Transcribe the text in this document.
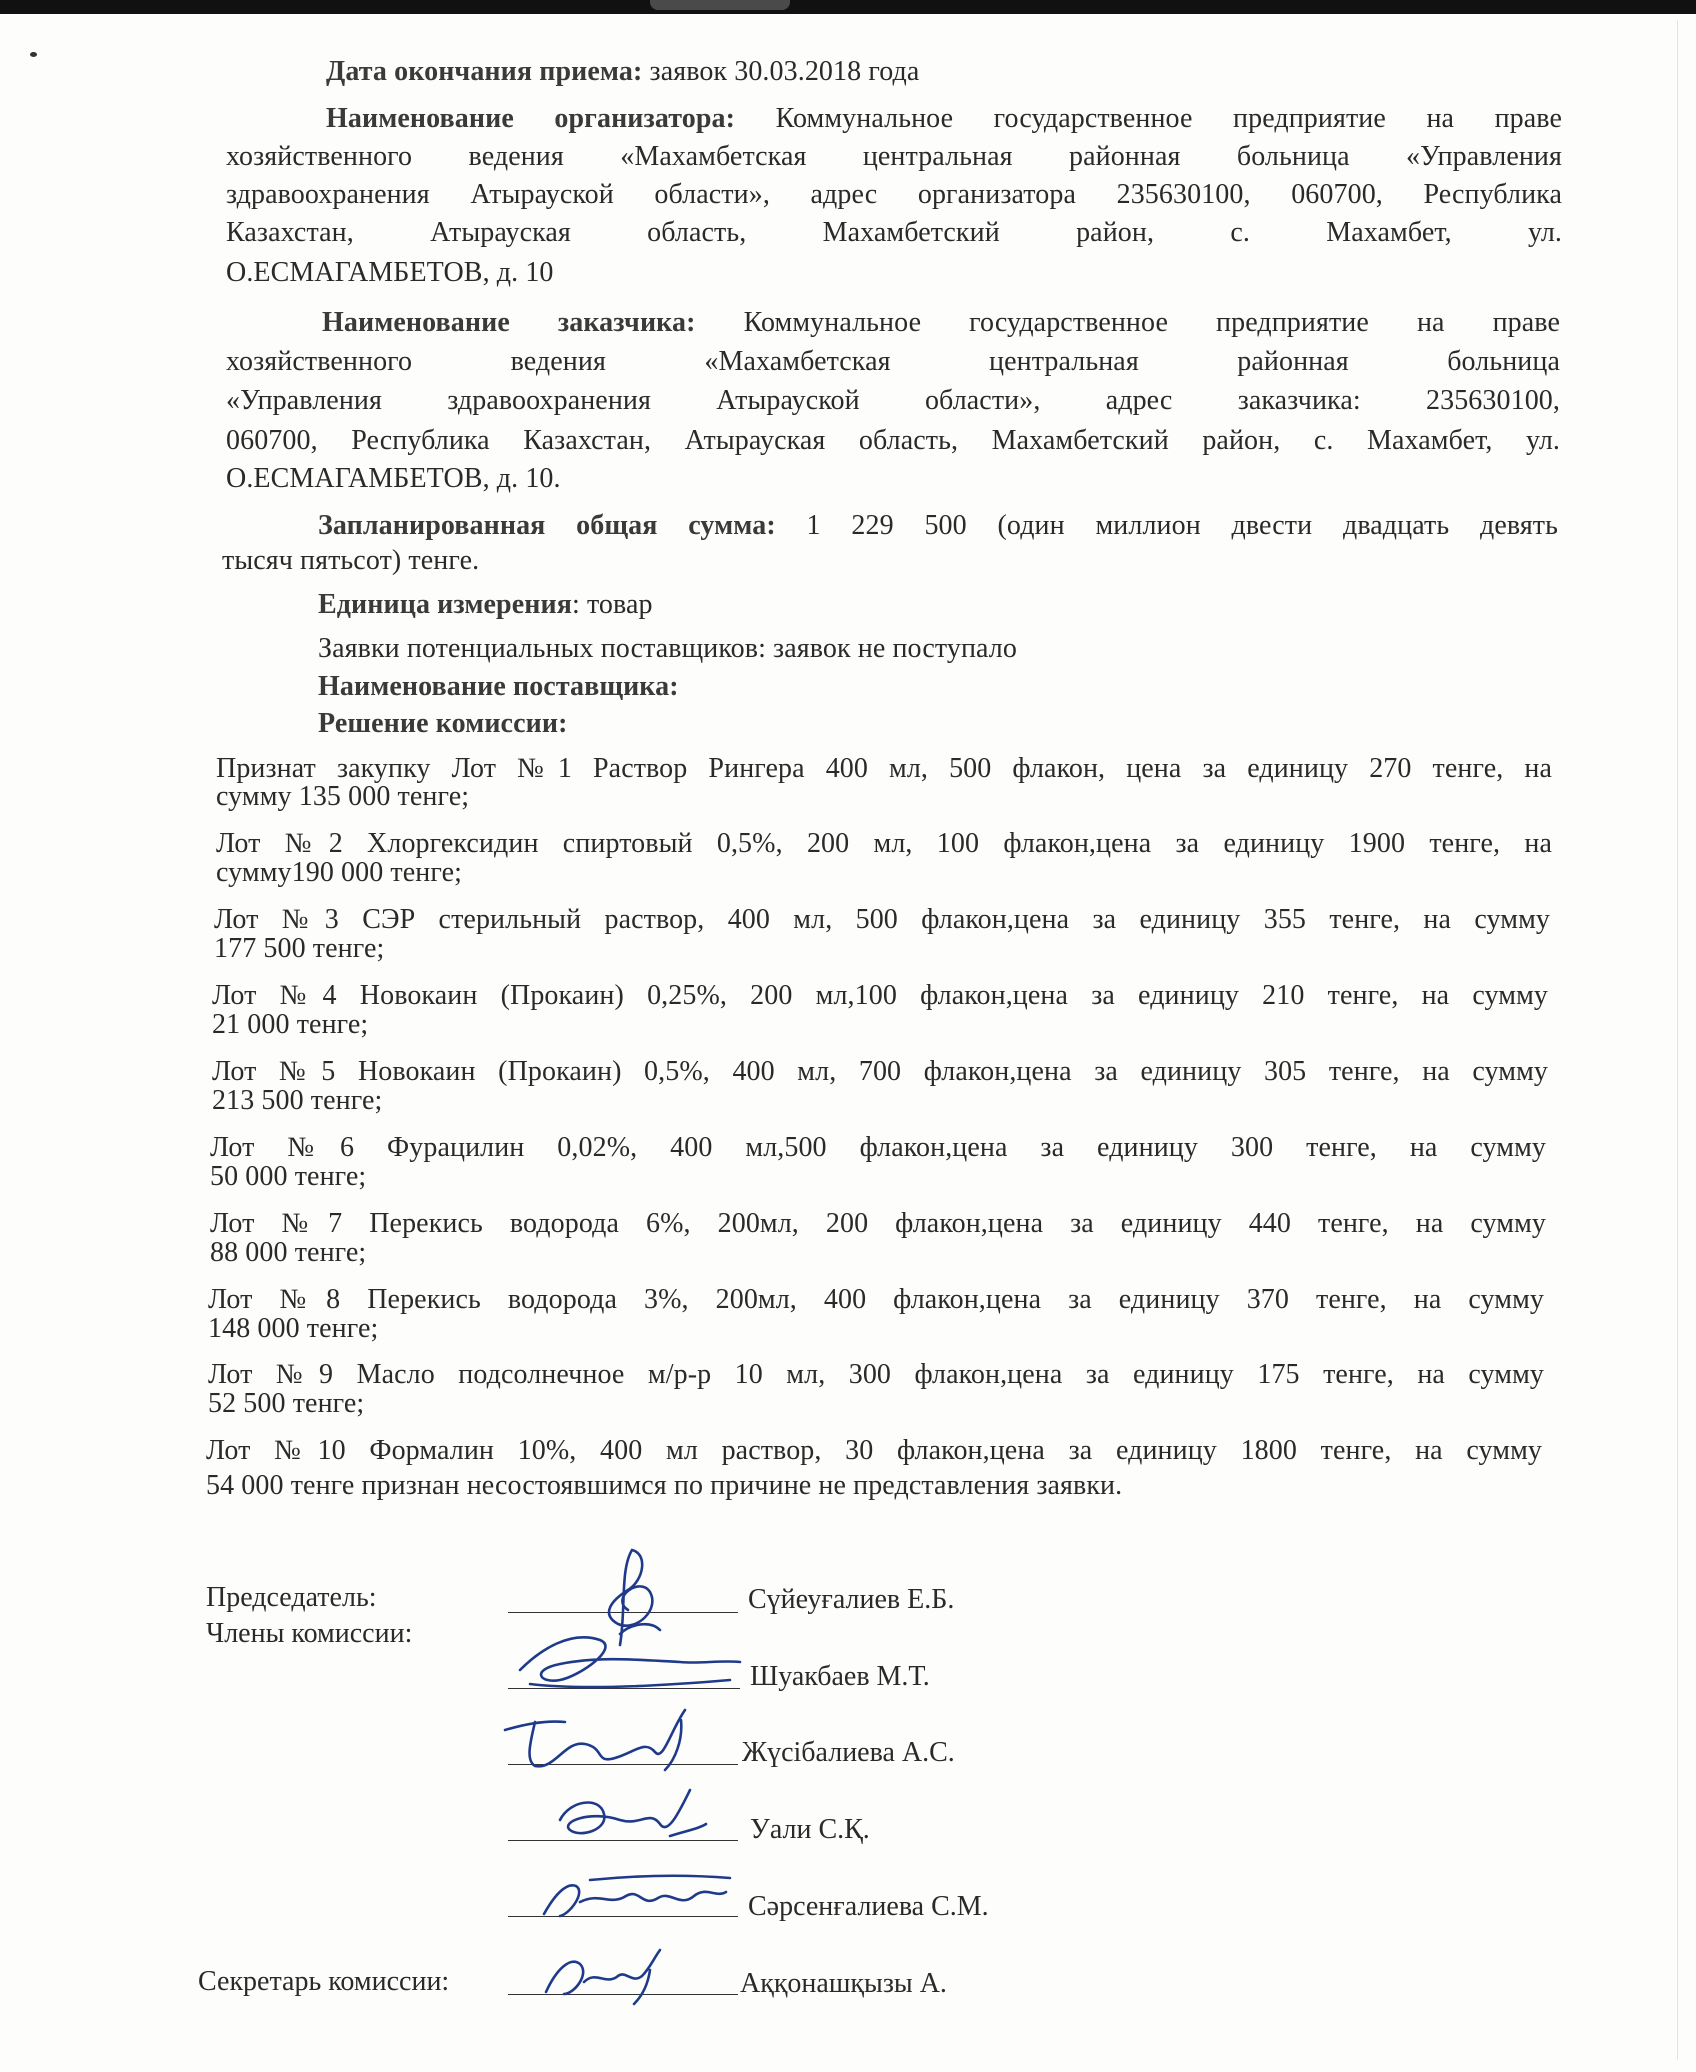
Дата окончания приема: заявок 30.03.2018 года
Наименование организатора: Коммунальное государственное предприятие на праве
хозяйственного ведения «Махамбетская центральная районная больница «Управления
здравоохранения Атырауской области», адрес организатора 235630100, 060700, Республика
Казахстан, Атырауская область, Махамбетский район, с. Махамбет, ул.
О.ЕСМАГАМБЕТОВ, д. 10
Наименование заказчика: Коммунальное государственное предприятие на праве
хозяйственного ведения «Махамбетская центральная районная больница
«Управления здравоохранения Атырауской области», адрес заказчика: 235630100,
060700, Республика Казахстан, Атырауская область, Махамбетский район, с. Махамбет, ул.
О.ЕСМАГАМБЕТОВ, д. 10.
Запланированная общая сумма: 1 229 500 (один миллион двести двадцать девять
тысяч пятьсот) тенге.
Единица измерения: товар
Заявки потенциальных поставщиков: заявок не поступало
Наименование поставщика:
Решение комиссии:
Признат закупку Лот №1 Раствор Рингера 400 мл, 500 флакон, цена за единицу 270 тенге, на
сумму 135 000 тенге;
Лот №2 Хлоргексидин спиртовый 0,5%, 200 мл, 100 флакон,цена за единицу 1900 тенге, на
сумму190 000 тенге;
Лот №3 СЭР стерильный раствор, 400 мл, 500 флакон,цена за единицу 355 тенге, на сумму
177 500 тенге;
Лот №4 Новокаин (Прокаин) 0,25%, 200 мл,100 флакон,цена за единицу 210 тенге, на сумму
21 000 тенге;
Лот №5 Новокаин (Прокаин) 0,5%, 400 мл, 700 флакон,цена за единицу 305 тенге, на сумму
213 500 тенге;
Лот №6 Фурацилин 0,02%, 400 мл,500 флакон,цена за единицу 300 тенге, на сумму
50 000 тенге;
Лот №7 Перекись водорода 6%, 200мл, 200 флакон,цена за единицу 440 тенге, на сумму
88 000 тенге;
Лот №8 Перекись водорода 3%, 200мл, 400 флакон,цена за единицу 370 тенге, на сумму
148 000 тенге;
Лот №9 Масло подсолнечное м/р-р 10 мл, 300 флакон,цена за единицу 175 тенге, на сумму
52 500 тенге;
Лот №10 Формалин 10%, 400 мл раствор, 30 флакон,цена за единицу 1800 тенге, на сумму
54 000 тенге признан несостоявшимся по причине не представления заявки.
Председатель:
Члены комиссии:
Секретарь комиссии:
Сүйеуғалиев Е.Б.
Шуакбаев М.Т.
Жүсібалиева А.С.
Уали С.Қ.
Сәрсенғалиева С.М.
Аққонашқызы А.
